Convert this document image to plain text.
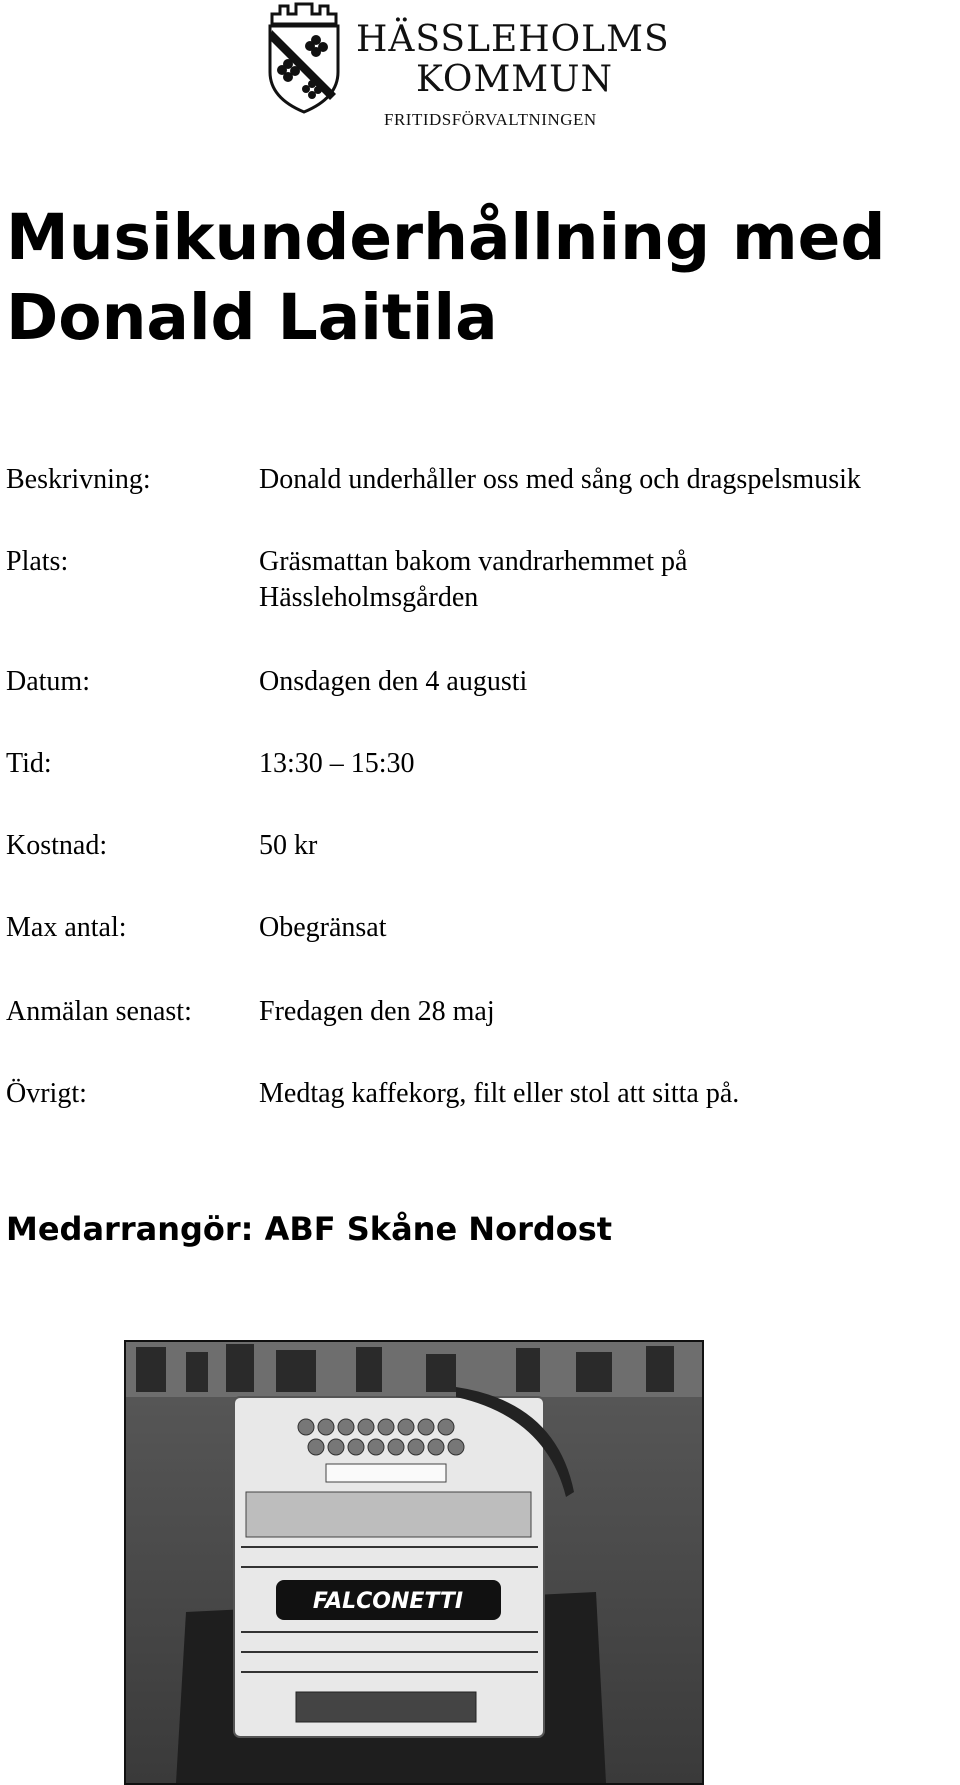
HÄSSLEHOLMS
KOMMUN
FRITIDSFÖRVALTNINGEN
Musikunderhållning med
Donald Laitila
Beskrivning:	Donald underhåller oss med sång och dragspelsmusik
Plats:	Gräsmattan bakom vandrarhemmet på
Hässleholmsgården
Datum:	Onsdagen den 4 augusti
Tid:	13:30 – 15:30
Kostnad:	50 kr
Max antal:	Obegränsat
Anmälan senast: Fredagen den 28 maj
Övrigt:	Medtag kaffekorg, filt eller stol att sitta på.
Medarrangör: ABF Skåne Nordost
FALCONETTI
